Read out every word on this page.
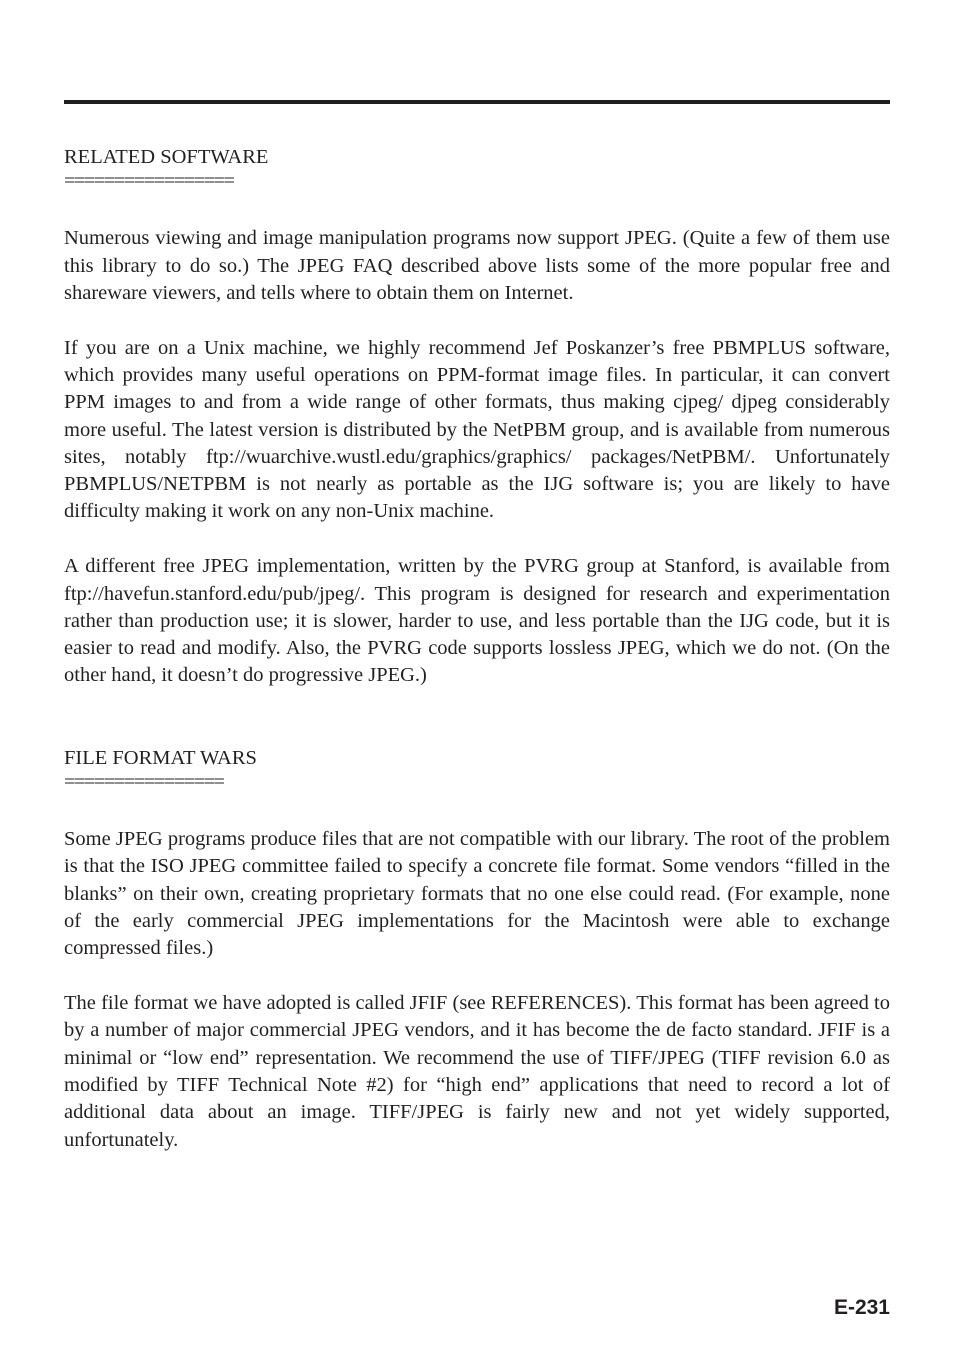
RELATED SOFTWARE
=================

Numerous viewing and image manipulation programs now support JPEG. (Quite a few of them use this library to do so.) The JPEG FAQ described above lists some of the more popular free and shareware viewers, and tells where to obtain them on Internet.

If you are on a Unix machine, we highly recommend Jef Poskanzer’s free PBMPLUS software, which provides many useful operations on PPM-format image files. In particular, it can convert PPM images to and from a wide range of other formats, thus making cjpeg/ djpeg considerably more useful. The latest version is distributed by the NetPBM group, and is available from numerous sites, notably ftp://wuarchive.wustl.edu/graphics/graphics/ packages/NetPBM/. Unfortunately PBMPLUS/NETPBM is not nearly as portable as the IJG software is; you are likely to have difficulty making it work on any non-Unix machine.

A different free JPEG implementation, written by the PVRG group at Stanford, is available from ftp://havefun.stanford.edu/pub/jpeg/. This program is designed for research and experimentation rather than production use; it is slower, harder to use, and less portable than the IJG code, but it is easier to read and modify. Also, the PVRG code supports lossless JPEG, which we do not. (On the other hand, it doesn’t do progressive JPEG.)

FILE FORMAT WARS
================

Some JPEG programs produce files that are not compatible with our library. The root of the problem is that the ISO JPEG committee failed to specify a concrete file format. Some vendors “filled in the blanks” on their own, creating proprietary formats that no one else could read. (For example, none of the early commercial JPEG implementations for the Macintosh were able to exchange compressed files.)

The file format we have adopted is called JFIF (see REFERENCES). This format has been agreed to by a number of major commercial JPEG vendors, and it has become the de facto standard. JFIF is a minimal or “low end” representation. We recommend the use of TIFF/JPEG (TIFF revision 6.0 as modified by TIFF Technical Note #2) for “high end” applications that need to record a lot of additional data about an image. TIFF/JPEG is fairly new and not yet widely supported, unfortunately.

E-231
